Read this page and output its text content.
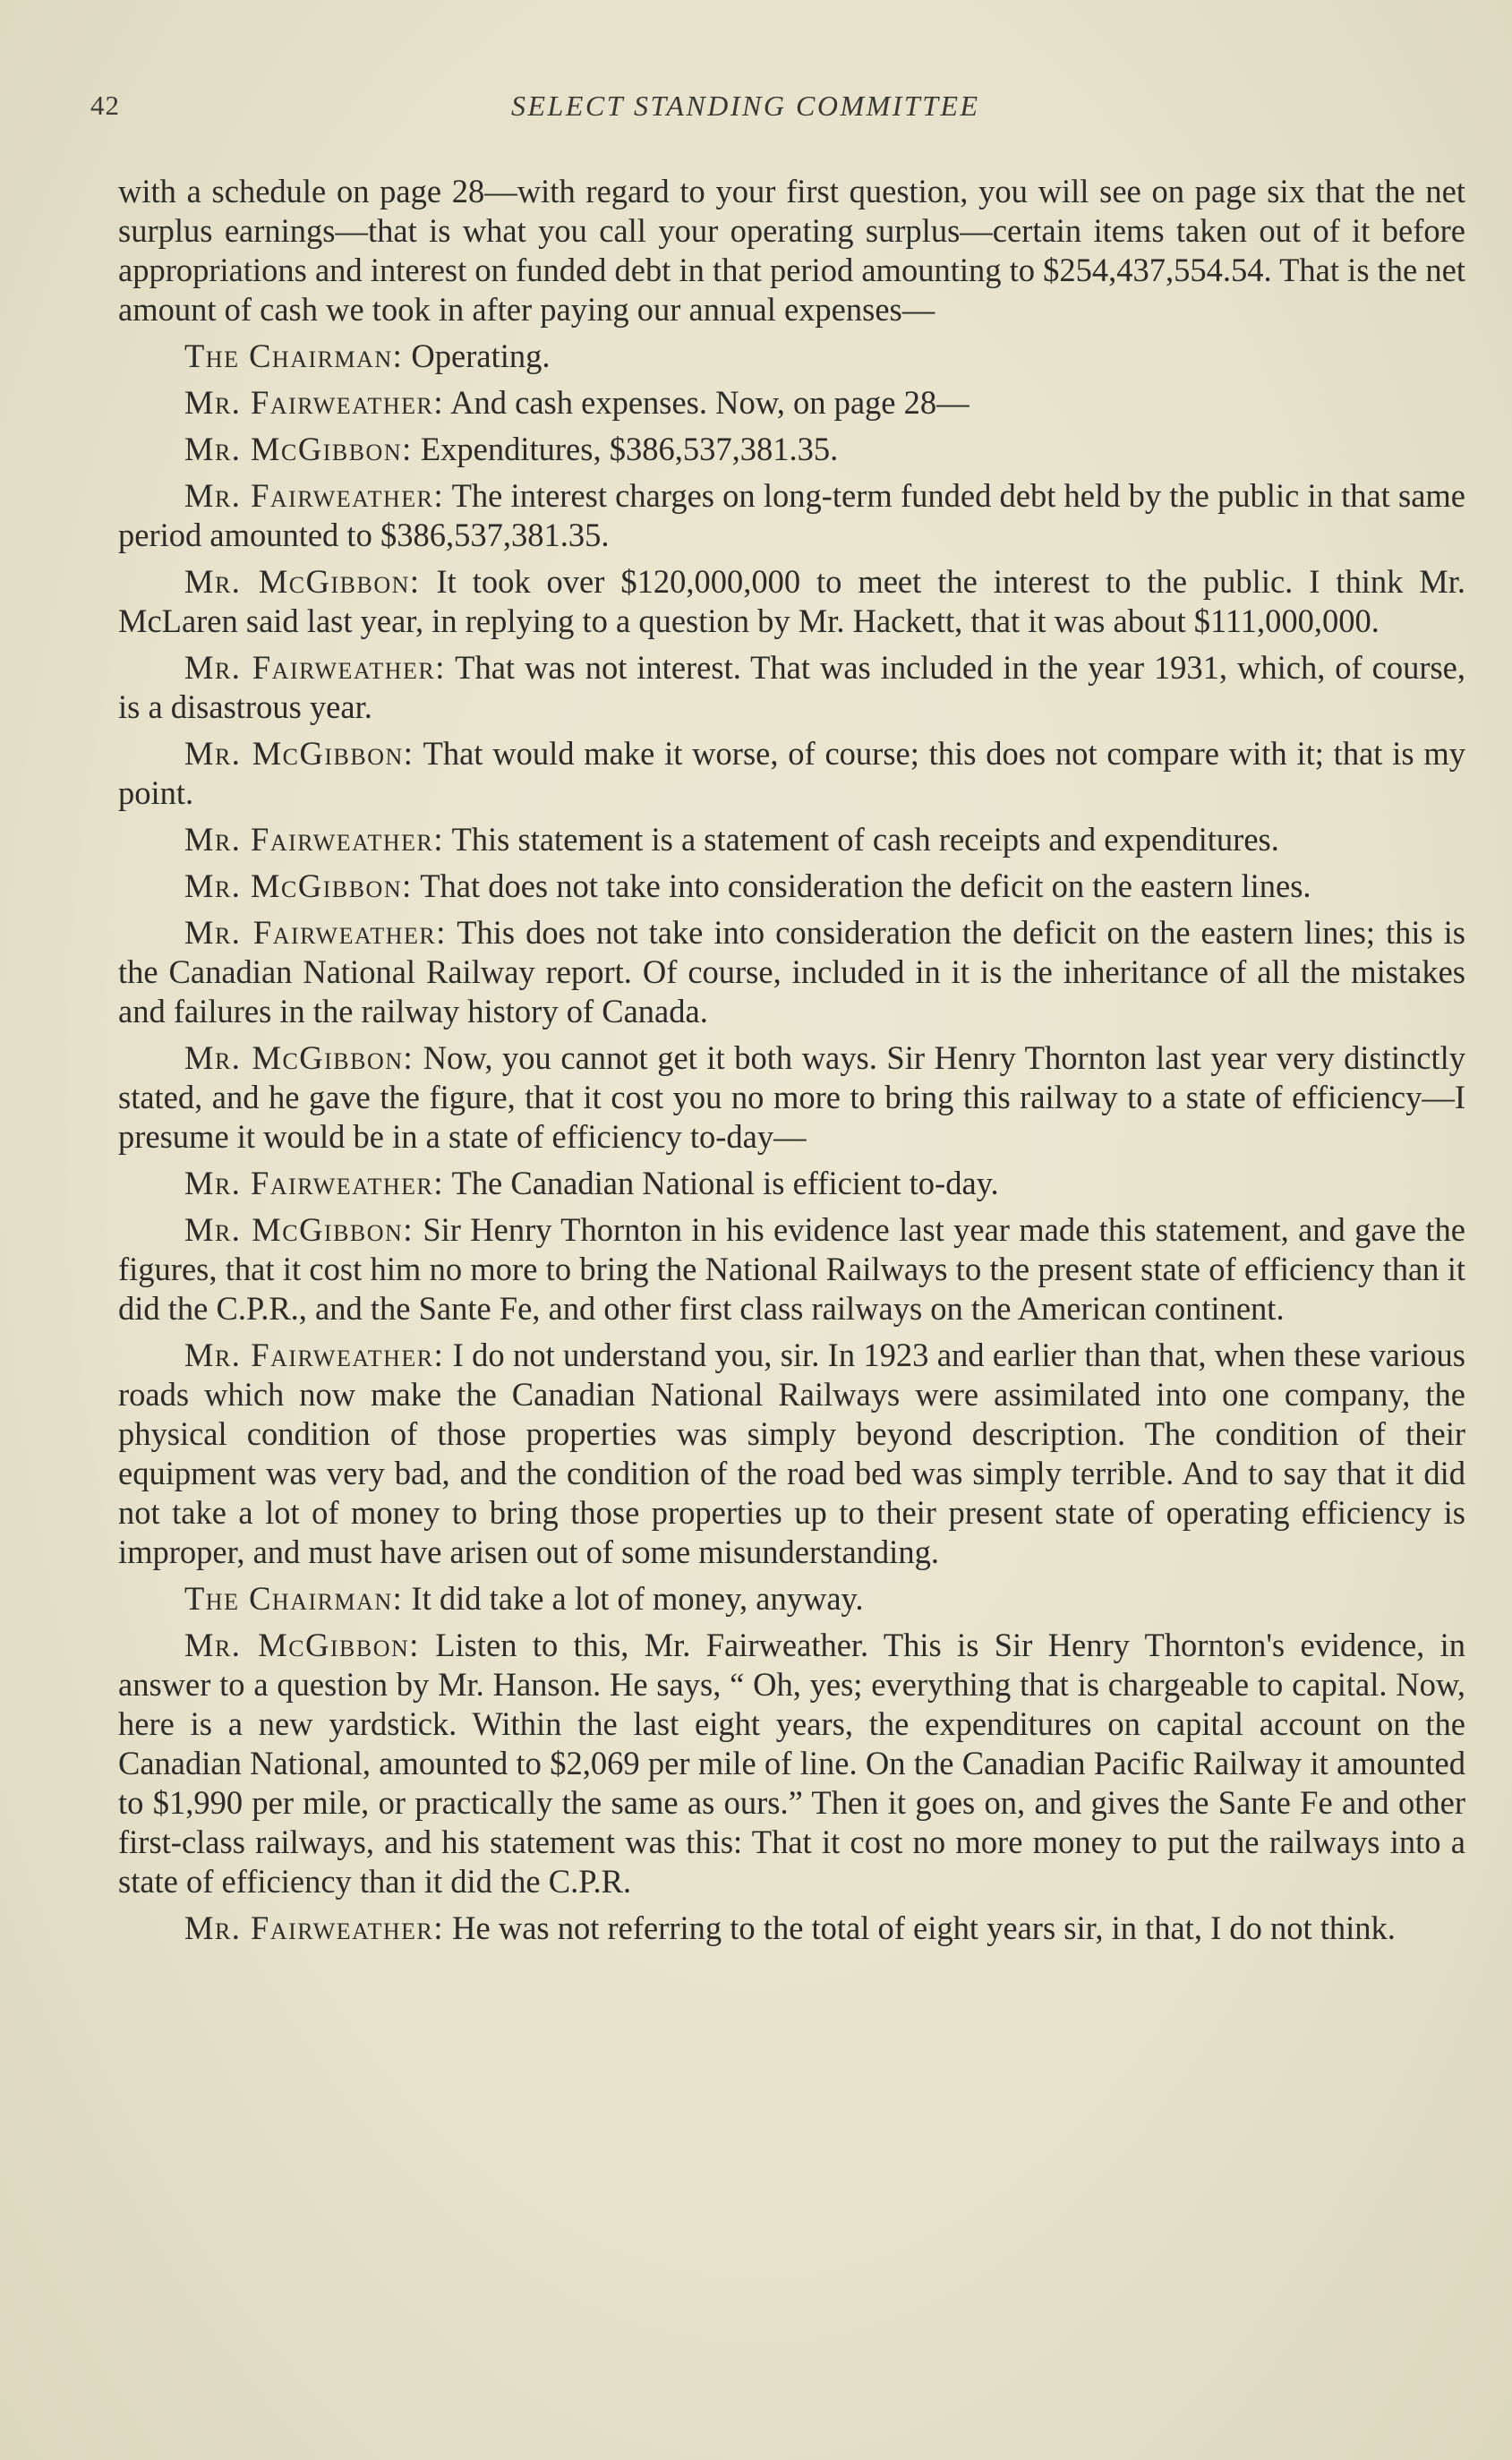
42	SELECT STANDING COMMITTEE

with a schedule on page 28—with regard to your first question, you will see on page six that the net surplus earnings—that is what you call your operating surplus—certain items taken out of it before appropriations and interest on funded debt in that period amounting to $254,437,554.54. That is the net amount of cash we took in after paying our annual expenses—

The Chairman: Operating.

Mr. Fairweather: And cash expenses. Now, on page 28—

Mr. McGibbon: Expenditures, $386,537,381.35.

Mr. Fairweather: The interest charges on long-term funded debt held by the public in that same period amounted to $386,537,381.35.

Mr. McGibbon: It took over $120,000,000 to meet the interest to the public. I think Mr. McLaren said last year, in replying to a question by Mr. Hackett, that it was about $111,000,000.

Mr. Fairweather: That was not interest. That was included in the year 1931, which, of course, is a disastrous year.

Mr. McGibbon: That would make it worse, of course; this does not compare with it; that is my point.

Mr. Fairweather: This statement is a statement of cash receipts and expenditures.

Mr. McGibbon: That does not take into consideration the deficit on the eastern lines.

Mr. Fairweather: This does not take into consideration the deficit on the eastern lines; this is the Canadian National Railway report. Of course, included in it is the inheritance of all the mistakes and failures in the railway history of Canada.

Mr. McGibbon: Now, you cannot get it both ways. Sir Henry Thornton last year very distinctly stated, and he gave the figure, that it cost you no more to bring this railway to a state of efficiency—I presume it would be in a state of efficiency to-day—

Mr. Fairweather: The Canadian National is efficient to-day.

Mr. McGibbon: Sir Henry Thornton in his evidence last year made this statement, and gave the figures, that it cost him no more to bring the National Railways to the present state of efficiency than it did the C.P.R., and the Sante Fe, and other first class railways on the American continent.

Mr. Fairweather: I do not understand you, sir. In 1923 and earlier than that, when these various roads which now make the Canadian National Railways were assimilated into one company, the physical condition of those properties was simply beyond description. The condition of their equipment was very bad, and the condition of the road bed was simply terrible. And to say that it did not take a lot of money to bring those properties up to their present state of operating efficiency is improper, and must have arisen out of some misunderstanding.

The Chairman: It did take a lot of money, anyway.

Mr. McGibbon: Listen to this, Mr. Fairweather. This is Sir Henry Thornton's evidence, in answer to a question by Mr. Hanson. He says, “ Oh, yes; everything that is chargeable to capital. Now, here is a new yardstick. Within the last eight years, the expenditures on capital account on the Canadian National, amounted to $2,069 per mile of line. On the Canadian Pacific Railway it amounted to $1,990 per mile, or practically the same as ours.” Then it goes on, and gives the Sante Fe and other first-class railways, and his statement was this: That it cost no more money to put the railways into a state of efficiency than it did the C.P.R.

Mr. Fairweather: He was not referring to the total of eight years sir, in that, I do not think.
